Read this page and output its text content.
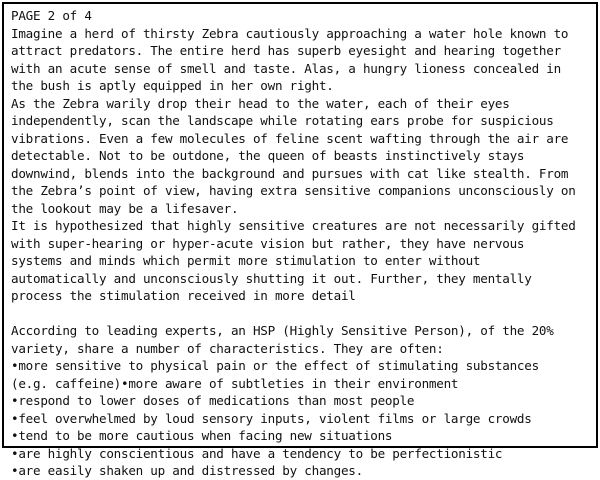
PAGE 2 of 4
Imagine a herd of thirsty Zebra cautiously approaching a water hole known to
attract predators. The entire herd has superb eyesight and hearing together
with an acute sense of smell and taste. Alas, a hungry lioness concealed in
the bush is aptly equipped in her own right.
As the Zebra warily drop their head to the water, each of their eyes
independently, scan the landscape while rotating ears probe for suspicious
vibrations. Even a few molecules of feline scent wafting through the air are
detectable. Not to be outdone, the queen of beasts instinctively stays
downwind, blends into the background and pursues with cat like stealth. From
the Zebra’s point of view, having extra sensitive companions unconsciously on
the lookout may be a lifesaver.
It is hypothesized that highly sensitive creatures are not necessarily gifted
with super-hearing or hyper-acute vision but rather, they have nervous
systems and minds which permit more stimulation to enter without
automatically and unconsciously shutting it out. Further, they mentally
process the stimulation received in more detail
According to leading experts, an HSP (Highly Sensitive Person), of the 20%
variety, share a number of characteristics. They are often:
•more sensitive to physical pain or the effect of stimulating substances
(e.g. caffeine)•more aware of subtleties in their environment
•respond to lower doses of medications than most people
•feel overwhelmed by loud sensory inputs, violent films or large crowds
•tend to be more cautious when facing new situations
•are highly conscientious and have a tendency to be perfectionistic
•are easily shaken up and distressed by changes.
